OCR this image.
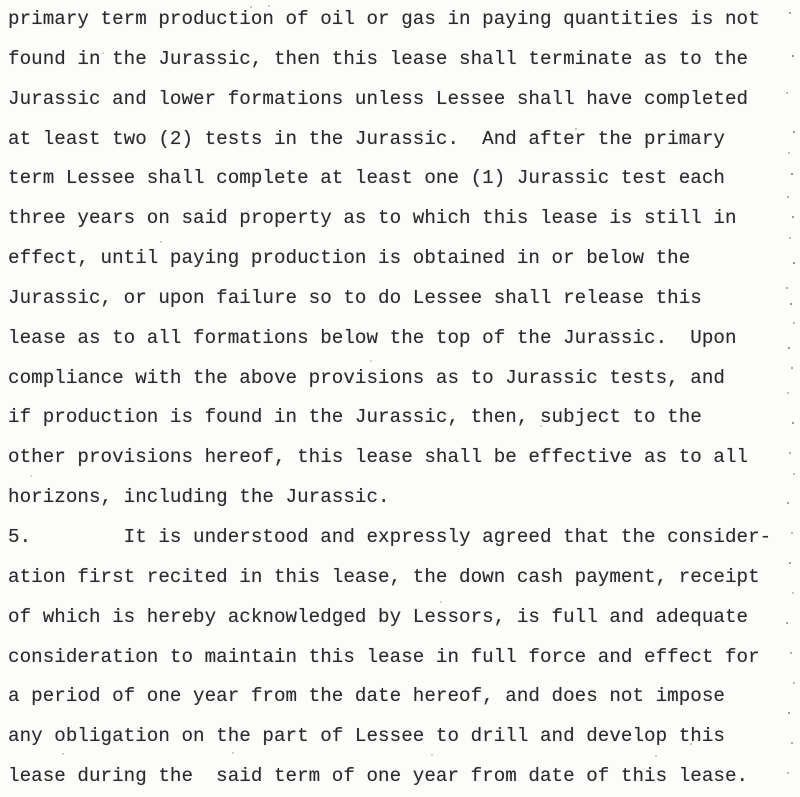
primary term production of oil or gas in paying quantities is not
found in the Jurassic, then this lease shall terminate as to the
Jurassic and lower formations unless Lessee shall have completed
at least two (2) tests in the Jurassic.  And after the primary
term Lessee shall complete at least one (1) Jurassic test each
three years on said property as to which this lease is still in
effect, until paying production is obtained in or below the
Jurassic, or upon failure so to do Lessee shall release this
lease as to all formations below the top of the Jurassic.  Upon
compliance with the above provisions as to Jurassic tests, and
if production is found in the Jurassic, then, subject to the
other provisions hereof, this lease shall be effective as to all
horizons, including the Jurassic.
5.        It is understood and expressly agreed that the consider-
ation first recited in this lease, the down cash payment, receipt
of which is hereby acknowledged by Lessors, is full and adequate
consideration to maintain this lease in full force and effect for
a period of one year from the date hereof, and does not impose
any obligation on the part of Lessee to drill and develop this
lease during the  said term of one year from date of this lease.
